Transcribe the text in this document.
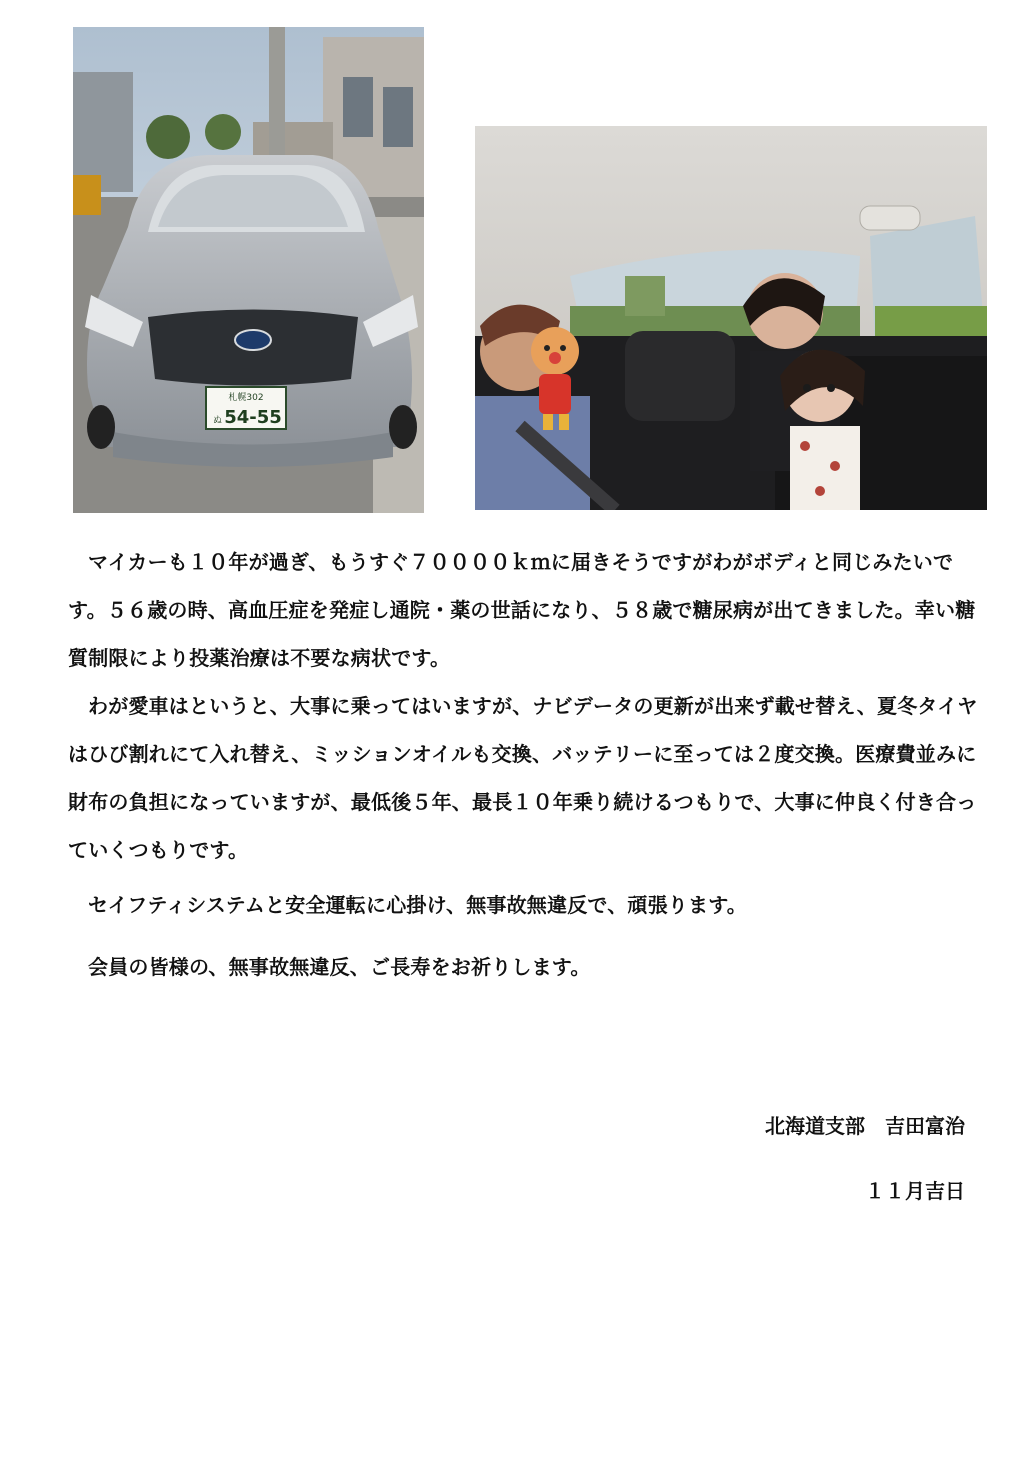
札幌302
ぬ 54-55

マイカーも１０年が過ぎ、もうすぐ７００００ｋｍに届きそうですがわがボディと同じみたいです。５６歳の時、高血圧症を発症し通院・薬の世話になり、５８歳で糖尿病が出てきました。幸い糖質制限により投薬治療は不要な病状です。

わが愛車はというと、大事に乗ってはいますが、ナビデータの更新が出来ず載せ替え、夏冬タイヤはひび割れにて入れ替え、ミッションオイルも交換、バッテリーに至っては２度交換。医療費並みに財布の負担になっていますが、最低後５年、最長１０年乗り続けるつもりで、大事に仲良く付き合っていくつもりです。

セイフティシステムと安全運転に心掛け、無事故無違反で、頑張ります。

会員の皆様の、無事故無違反、ご長寿をお祈りします。

北海道支部　吉田富治
１１月吉日
